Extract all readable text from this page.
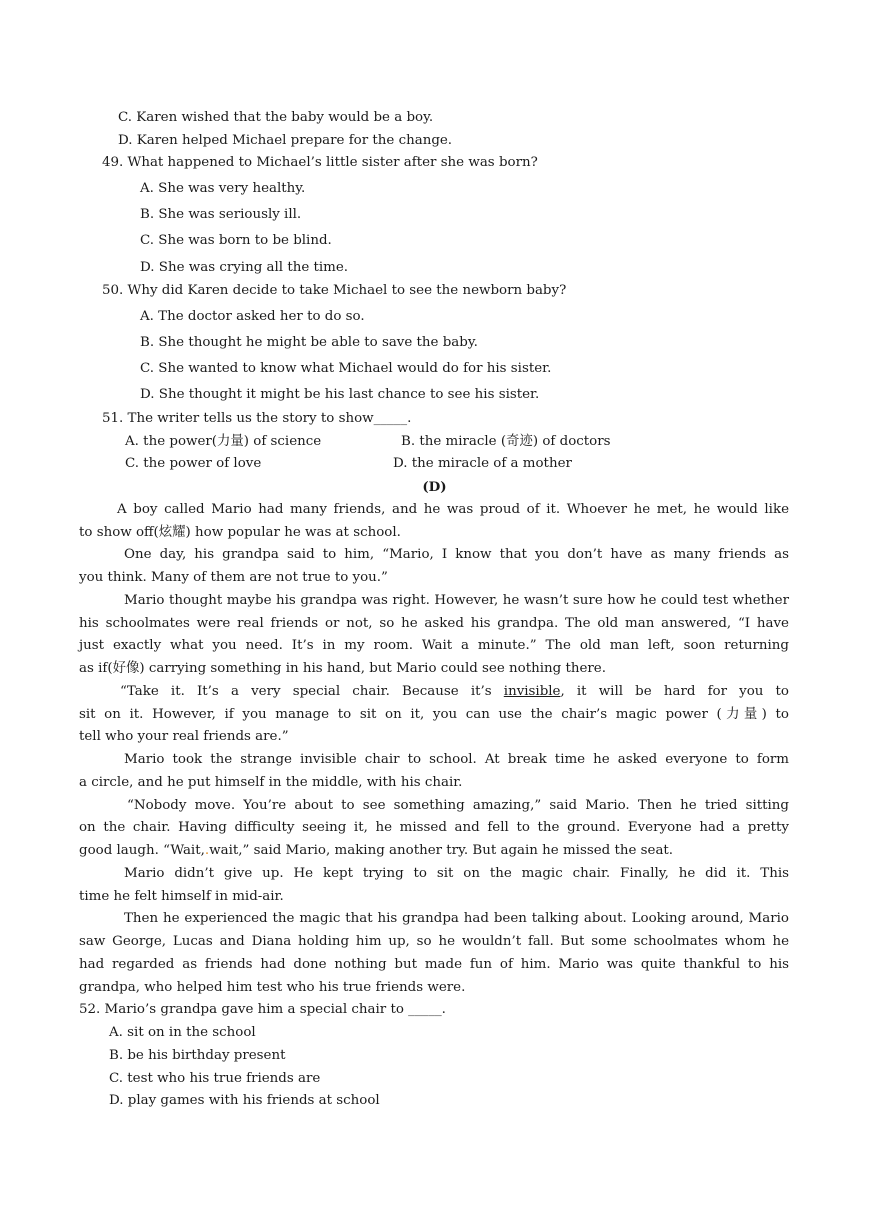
C. Karen wished that the baby would be a boy.
D. Karen helped Michael prepare for the change.
49. What happened to Michael’s little sister after she was born?
A. She was very healthy.
B. She was seriously ill.
C. She was born to be blind.
D. She was crying all the time.
50. Why did Karen decide to take Michael to see the newborn baby?
A. The doctor asked her to do so.
B. She thought he might be able to save the baby.
C. She wanted to know what Michael would do for his sister.
D. She thought it might be his last chance to see his sister.
51. The writer tells us the story to show_____.
A. the power(力量) of science	B. the miracle (奇迹) of doctors
C. the power of love	D. the miracle of a mother
(D)
A boy called Mario had many friends, and he was proud of it. Whoever he met, he would like
to show off(炫耀) how popular he was at school.
One day, his grandpa said to him, “Mario, I know that you don’t have as many friends as
you think. Many of them are not true to you.”
Mario thought maybe his grandpa was right. However, he wasn’t sure how he could test whether
his schoolmates were real friends or not, so he asked his grandpa. The old man answered, “I have
just exactly what you need. It’s in my room. Wait a minute.” The old man left, soon returning
as if(好像) carrying something in his hand, but Mario could see nothing there.
“Take it. It’s a very special chair. Because it’s invisible, it will be hard for you to
sit on it. However, if you manage to sit on it, you can use the chair’s magic power (力量) to
tell who your real friends are.”
Mario took the strange invisible chair to school. At break time he asked everyone to form
a circle, and he put himself in the middle, with his chair.
“Nobody move. You’re about to see something amazing,” said Mario. Then he tried sitting
on the chair. Having difficulty seeing it, he missed and fell to the ground. Everyone had a pretty
good laugh. “Wait,.wait,” said Mario, making another try. But again he missed the seat.
Mario didn’t give up. He kept trying to sit on the magic chair. Finally, he did it. This
time he felt himself in mid-air.
Then he experienced the magic that his grandpa had been talking about. Looking around, Mario
saw George, Lucas and Diana holding him up, so he wouldn’t fall. But some schoolmates whom he
had regarded as friends had done nothing but made fun of him. Mario was quite thankful to his
grandpa, who helped him test who his true friends were.
52. Mario’s grandpa gave him a special chair to _____.
A. sit on in the school
B. be his birthday present
C. test who his true friends are
D. play games with his friends at school
